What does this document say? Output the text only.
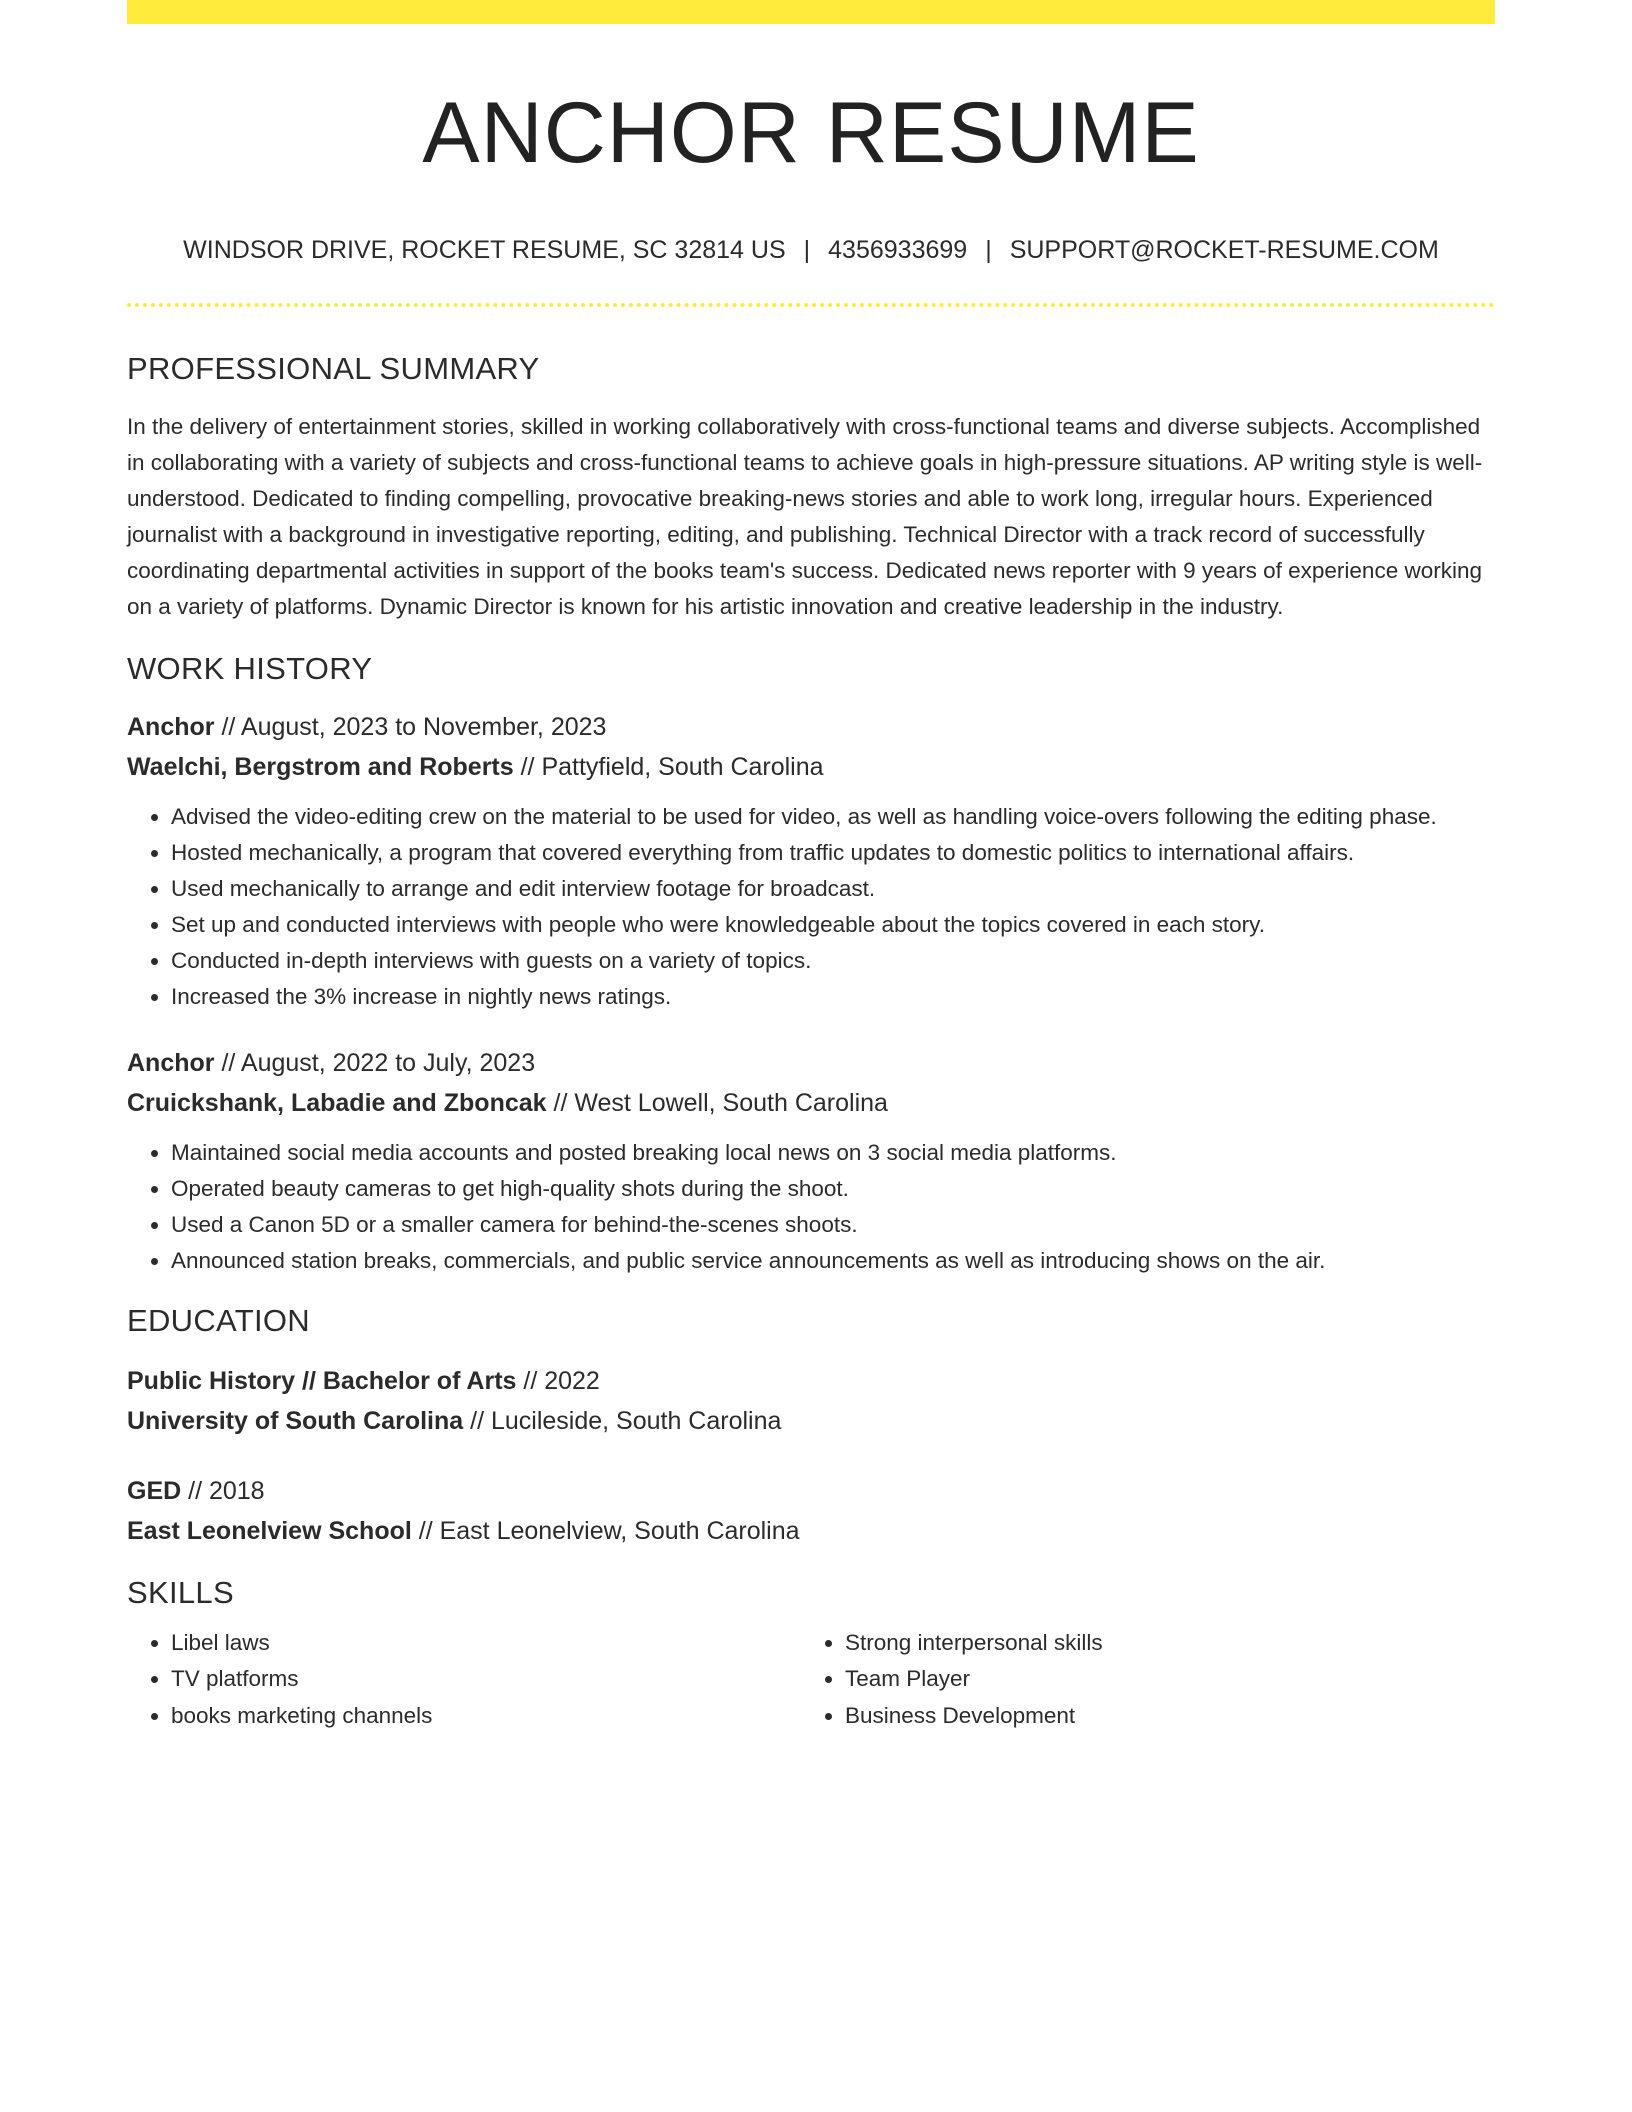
ANCHOR RESUME
WINDSOR DRIVE, ROCKET RESUME, SC 32814 US | 4356933699 | SUPPORT@ROCKET-RESUME.COM
PROFESSIONAL SUMMARY
In the delivery of entertainment stories, skilled in working collaboratively with cross-functional teams and diverse subjects. Accomplished in collaborating with a variety of subjects and cross-functional teams to achieve goals in high-pressure situations. AP writing style is well-understood. Dedicated to finding compelling, provocative breaking-news stories and able to work long, irregular hours. Experienced journalist with a background in investigative reporting, editing, and publishing. Technical Director with a track record of successfully coordinating departmental activities in support of the books team's success. Dedicated news reporter with 9 years of experience working on a variety of platforms. Dynamic Director is known for his artistic innovation and creative leadership in the industry.
WORK HISTORY
Anchor // August, 2023 to November, 2023
Waelchi, Bergstrom and Roberts // Pattyfield, South Carolina
• Advised the video-editing crew on the material to be used for video, as well as handling voice-overs following the editing phase.
• Hosted mechanically, a program that covered everything from traffic updates to domestic politics to international affairs.
• Used mechanically to arrange and edit interview footage for broadcast.
• Set up and conducted interviews with people who were knowledgeable about the topics covered in each story.
• Conducted in-depth interviews with guests on a variety of topics.
• Increased the 3% increase in nightly news ratings.
Anchor // August, 2022 to July, 2023
Cruickshank, Labadie and Zboncak // West Lowell, South Carolina
• Maintained social media accounts and posted breaking local news on 3 social media platforms.
• Operated beauty cameras to get high-quality shots during the shoot.
• Used a Canon 5D or a smaller camera for behind-the-scenes shoots.
• Announced station breaks, commercials, and public service announcements as well as introducing shows on the air.
EDUCATION
Public History // Bachelor of Arts // 2022
University of South Carolina // Lucileside, South Carolina
GED // 2018
East Leonelview School // East Leonelview, South Carolina
SKILLS
• Libel laws
• TV platforms
• books marketing channels
• Strong interpersonal skills
• Team Player
• Business Development
